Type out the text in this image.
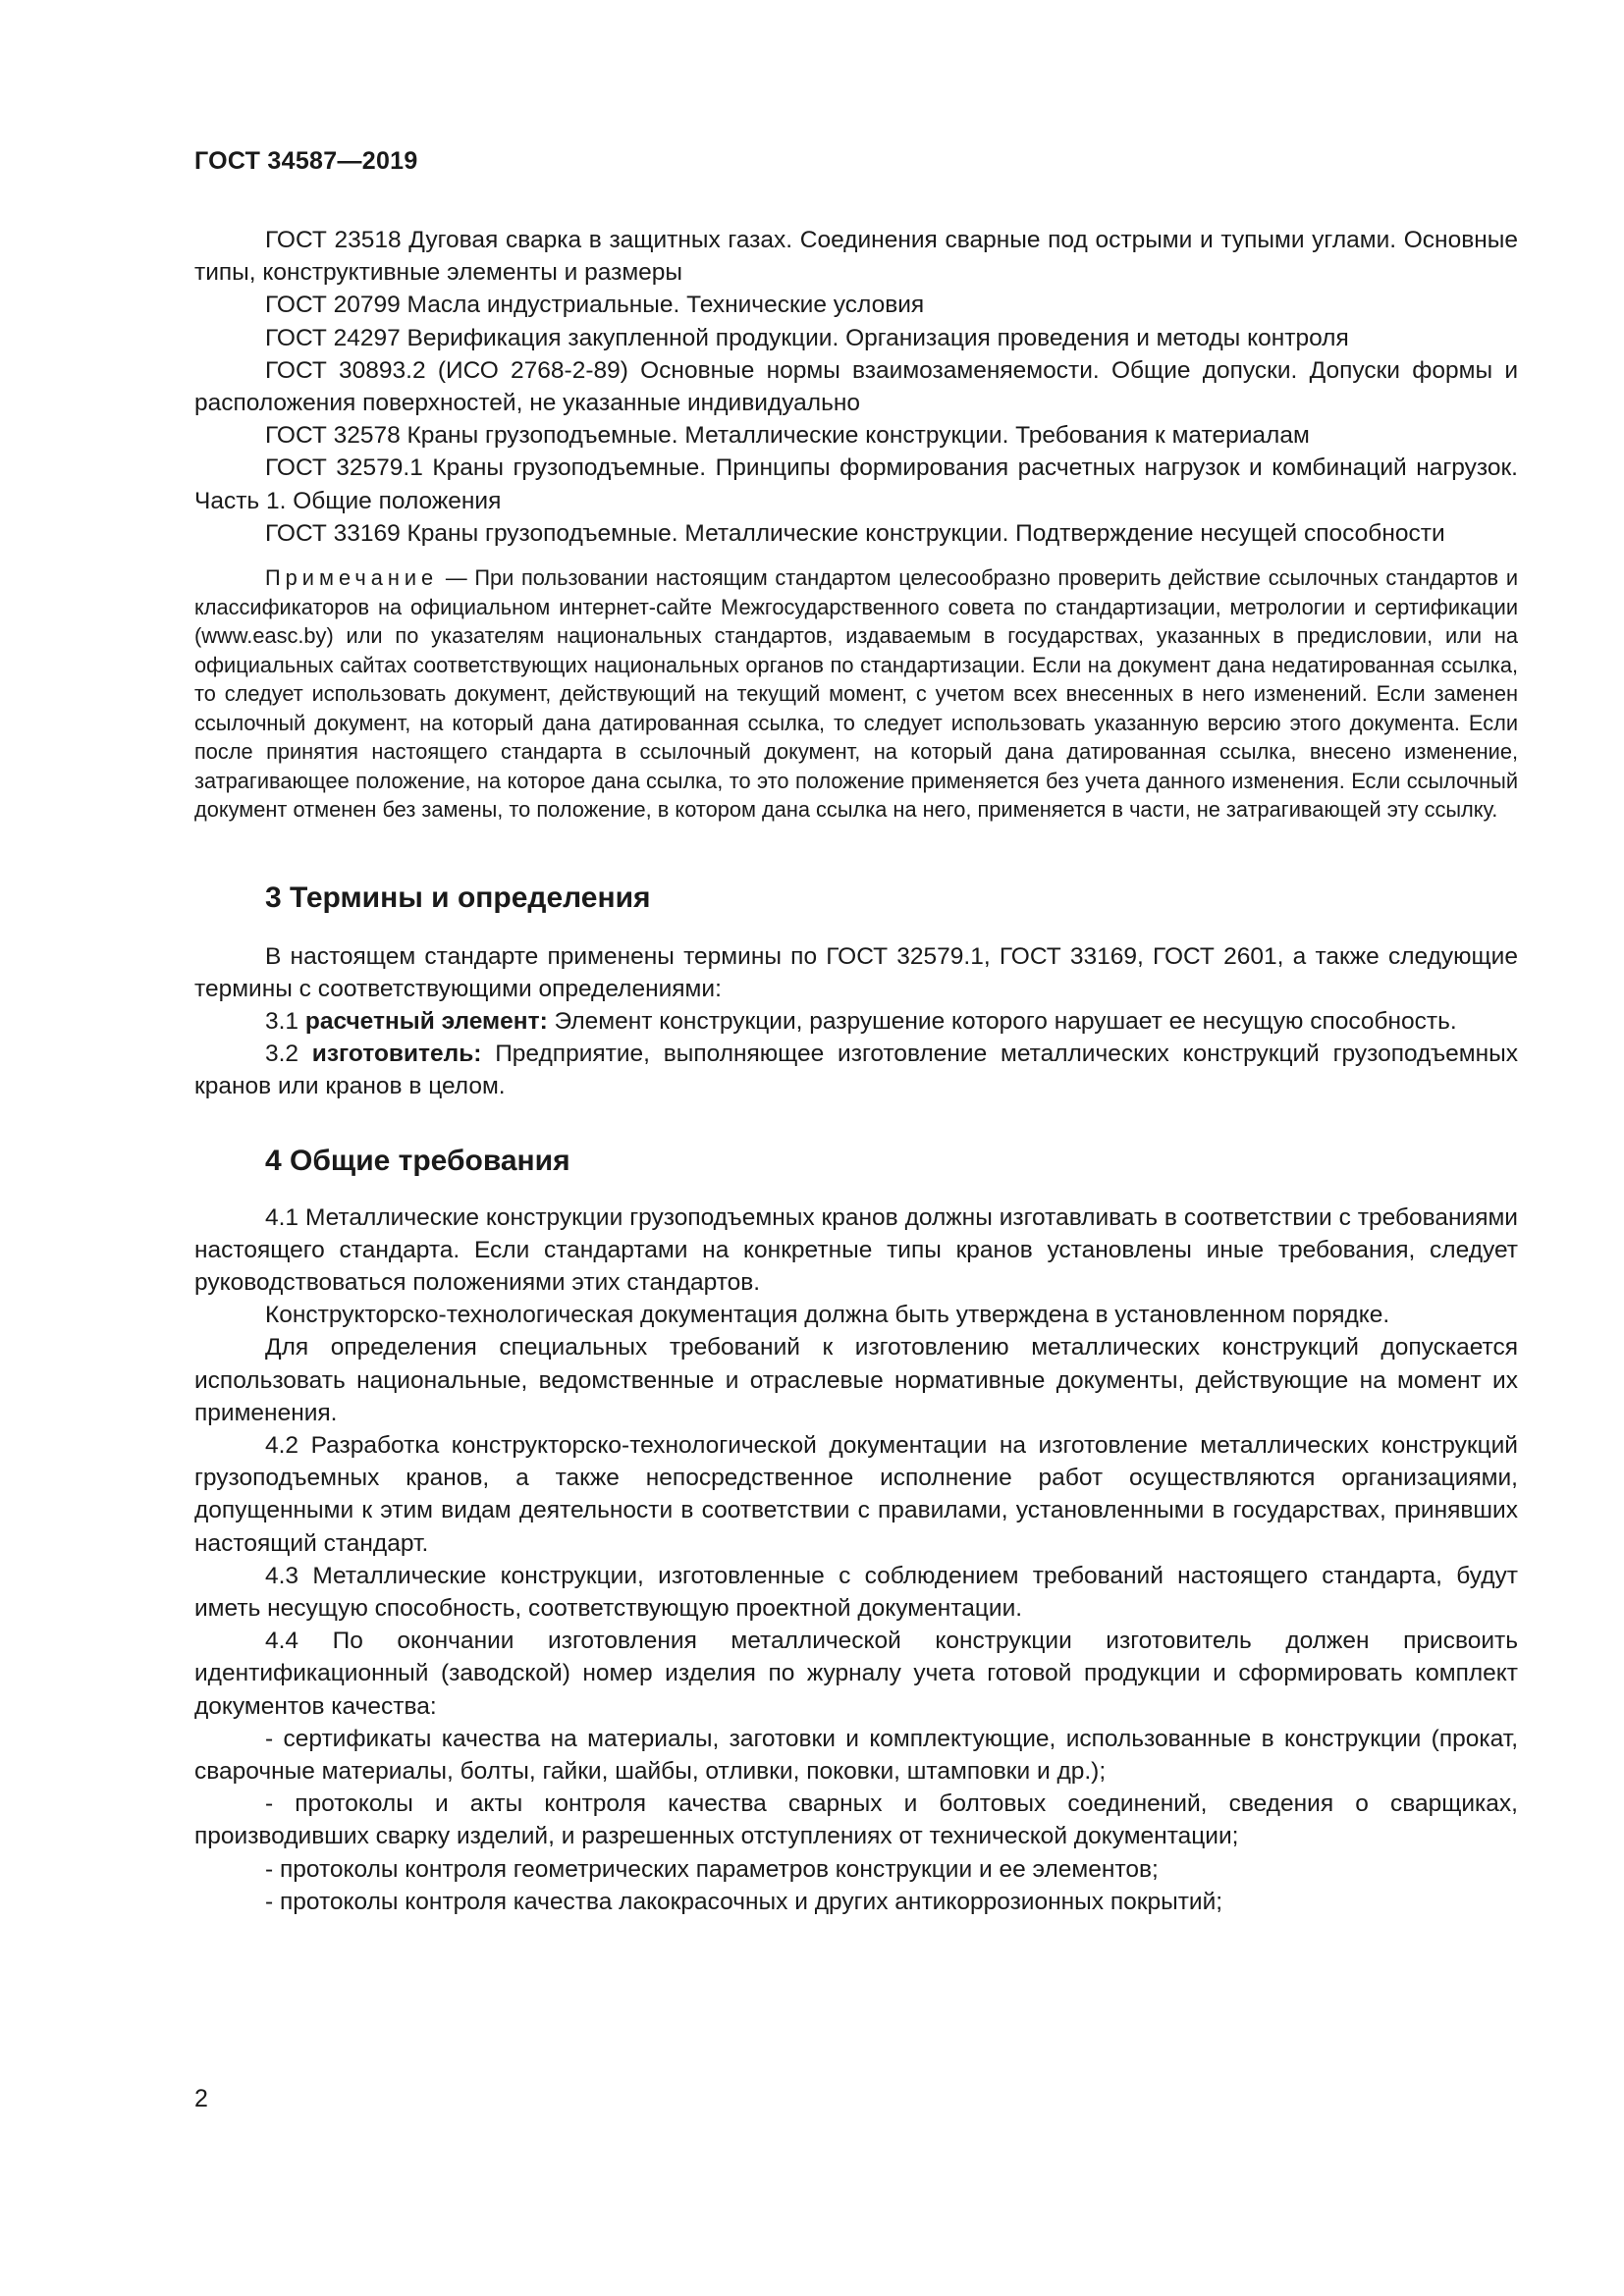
ГОСТ 34587—2019

ГОСТ 23518 Дуговая сварка в защитных газах. Соединения сварные под острыми и тупыми углами. Основные типы, конструктивные элементы и размеры

ГОСТ 20799 Масла индустриальные. Технические условия

ГОСТ 24297 Верификация закупленной продукции. Организация проведения и методы контроля

ГОСТ 30893.2 (ИСО 2768-2-89) Основные нормы взаимозаменяемости. Общие допуски. Допуски формы и расположения поверхностей, не указанные индивидуально

ГОСТ 32578 Краны грузоподъемные. Металлические конструкции. Требования к материалам

ГОСТ 32579.1 Краны грузоподъемные. Принципы формирования расчетных нагрузок и комбинаций нагрузок. Часть 1. Общие положения

ГОСТ 33169 Краны грузоподъемные. Металлические конструкции. Подтверждение несущей способности

Примечание — При пользовании настоящим стандартом целесообразно проверить действие ссылочных стандартов и классификаторов на официальном интернет-сайте Межгосударственного совета по стандартизации, метрологии и сертификации (www.easc.by) или по указателям национальных стандартов, издаваемым в государствах, указанных в предисловии, или на официальных сайтах соответствующих национальных органов по стандартизации. Если на документ дана недатированная ссылка, то следует использовать документ, действующий на текущий момент, с учетом всех внесенных в него изменений. Если заменен ссылочный документ, на который дана датированная ссылка, то следует использовать указанную версию этого документа. Если после принятия настоящего стандарта в ссылочный документ, на который дана датированная ссылка, внесено изменение, затрагивающее положение, на которое дана ссылка, то это положение применяется без учета данного изменения. Если ссылочный документ отменен без замены, то положение, в котором дана ссылка на него, применяется в части, не затрагивающей эту ссылку.

3 Термины и определения

В настоящем стандарте применены термины по ГОСТ 32579.1, ГОСТ 33169, ГОСТ 2601, а также следующие термины с соответствующими определениями:

3.1 расчетный элемент: Элемент конструкции, разрушение которого нарушает ее несущую способность.

3.2 изготовитель: Предприятие, выполняющее изготовление металлических конструкций грузоподъемных кранов или кранов в целом.

4 Общие требования

4.1 Металлические конструкции грузоподъемных кранов должны изготавливать в соответствии с требованиями настоящего стандарта. Если стандартами на конкретные типы кранов установлены иные требования, следует руководствоваться положениями этих стандартов.

Конструкторско-технологическая документация должна быть утверждена в установленном порядке.

Для определения специальных требований к изготовлению металлических конструкций допускается использовать национальные, ведомственные и отраслевые нормативные документы, действующие на момент их применения.

4.2 Разработка конструкторско-технологической документации на изготовление металлических конструкций грузоподъемных кранов, а также непосредственное исполнение работ осуществляются организациями, допущенными к этим видам деятельности в соответствии с правилами, установленными в государствах, принявших настоящий стандарт.

4.3 Металлические конструкции, изготовленные с соблюдением требований настоящего стандарта, будут иметь несущую способность, соответствующую проектной документации.

4.4 По окончании изготовления металлической конструкции изготовитель должен присвоить идентификационный (заводской) номер изделия по журналу учета готовой продукции и сформировать комплект документов качества:

- сертификаты качества на материалы, заготовки и комплектующие, использованные в конструкции (прокат, сварочные материалы, болты, гайки, шайбы, отливки, поковки, штамповки и др.);

- протоколы и акты контроля качества сварных и болтовых соединений, сведения о сварщиках, производивших сварку изделий, и разрешенных отступлениях от технической документации;

- протоколы контроля геометрических параметров конструкции и ее элементов;

- протоколы контроля качества лакокрасочных и других антикоррозионных покрытий;

2
